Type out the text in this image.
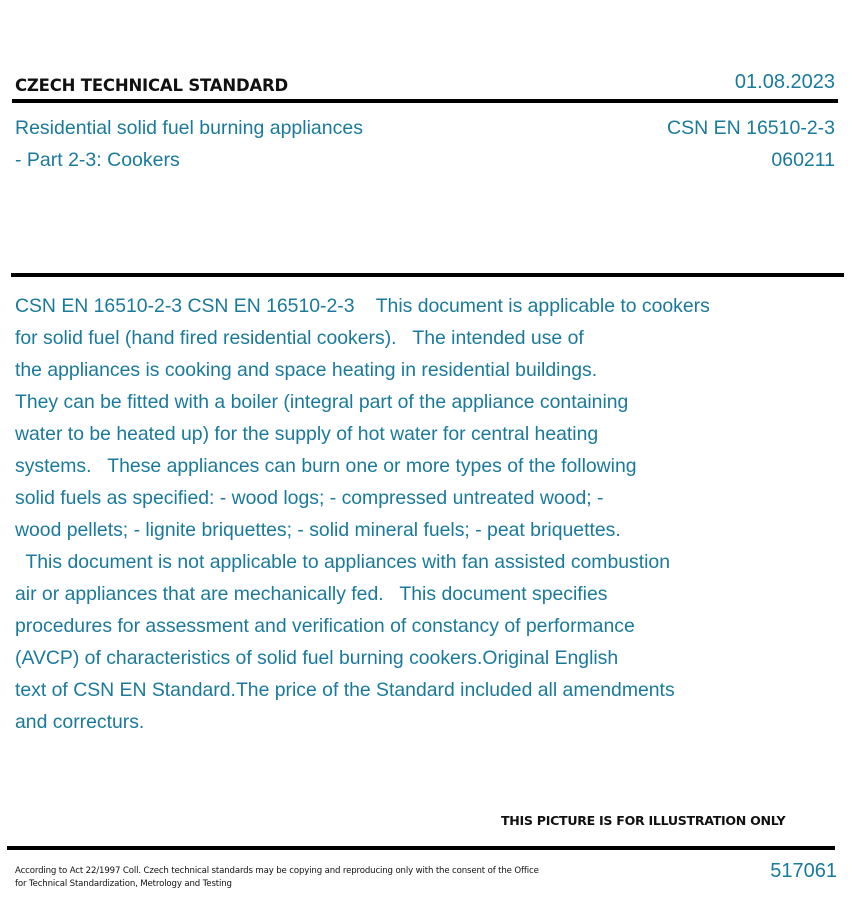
CZECH TECHNICAL STANDARD	01.08.2023
Residential solid fuel burning appliances
- Part 2-3: Cookers
CSN EN 16510-2-3
060211
CSN EN 16510-2-3 CSN EN 16510-2-3    This document is applicable to cookers
for solid fuel (hand fired residential cookers).   The intended use of
the appliances is cooking and space heating in residential buildings.
They can be fitted with a boiler (integral part of the appliance containing
water to be heated up) for the supply of hot water for central heating
systems.   These appliances can burn one or more types of the following
solid fuels as specified: - wood logs; - compressed untreated wood; -
wood pellets; - lignite briquettes; - solid mineral fuels; - peat briquettes.
This document is not applicable to appliances with fan assisted combustion
air or appliances that are mechanically fed.   This document specifies
procedures for assessment and verification of constancy of performance
(AVCP) of characteristics of solid fuel burning cookers.Original English
text of CSN EN Standard.The price of the Standard included all amendments
and correcturs.
THIS PICTURE IS FOR ILLUSTRATION ONLY
According to Act 22/1997 Coll. Czech technical standards may be copying and reproducing only with the consent of the Office
for Technical Standardization, Metrology and Testing
517061
